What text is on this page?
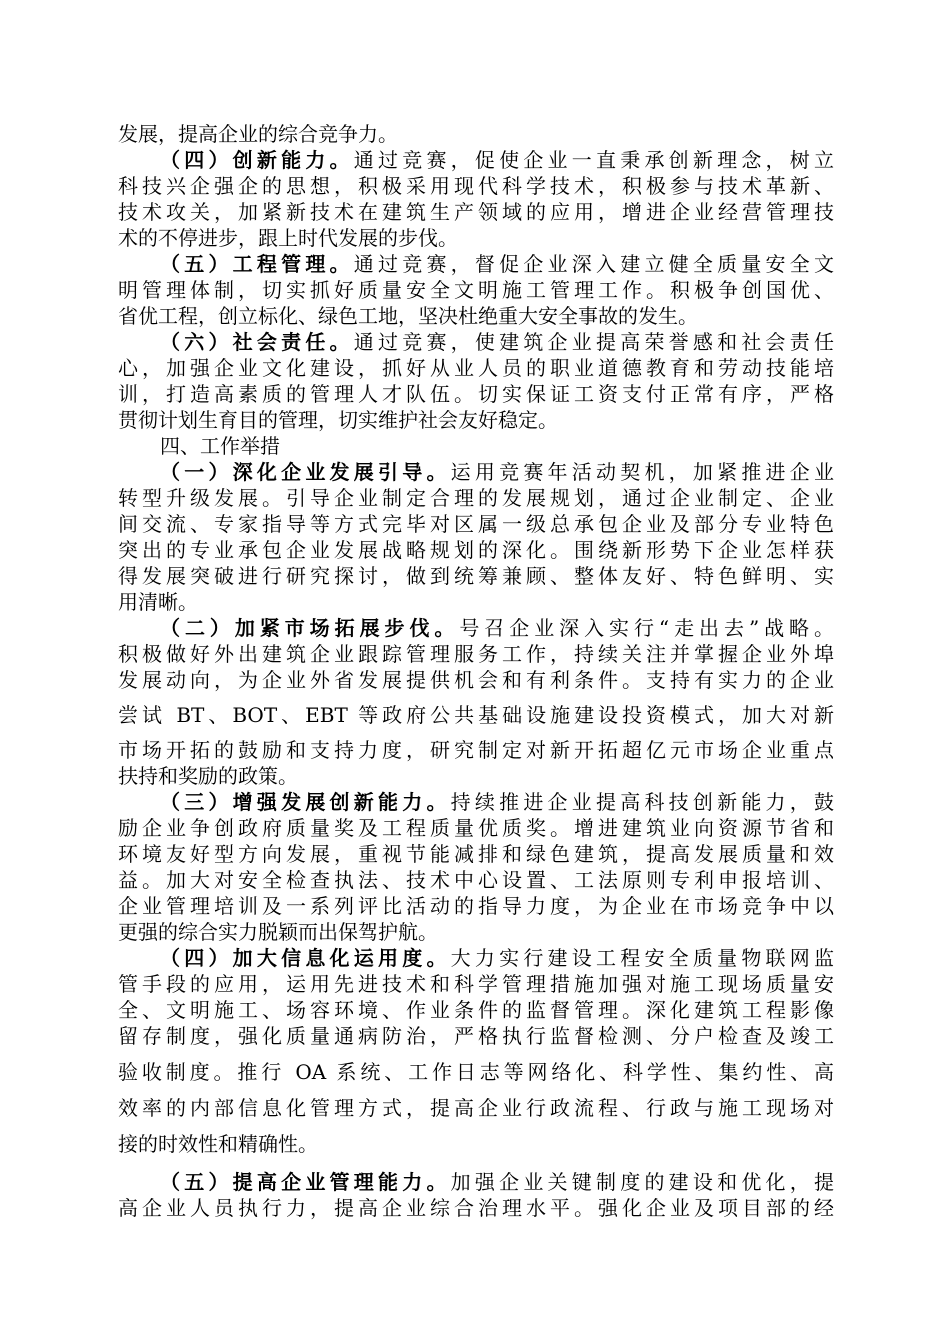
发展，提高企业的综合竞争力。
（四）创新能力。通过竞赛，促使企业一直秉承创新理念，树立
科技兴企强企的思想，积极采用现代科学技术，积极参与技术革新、
技术攻关，加紧新技术在建筑生产领域的应用，增进企业经营管理技
术的不停进步，跟上时代发展的步伐。
（五）工程管理。通过竞赛，督促企业深入建立健全质量安全文
明管理体制，切实抓好质量安全文明施工管理工作。积极争创国优、
省优工程，创立标化、绿色工地，坚决杜绝重大安全事故的发生。
（六）社会责任。通过竞赛，使建筑企业提高荣誉感和社会责任
心，加强企业文化建设，抓好从业人员的职业道德教育和劳动技能培
训，打造高素质的管理人才队伍。切实保证工资支付正常有序，严格
贯彻计划生育目的管理，切实维护社会友好稳定。
四、工作举措
（一）深化企业发展引导。运用竞赛年活动契机，加紧推进企业
转型升级发展。引导企业制定合理的发展规划，通过企业制定、企业
间交流、专家指导等方式完毕对区属一级总承包企业及部分专业特色
突出的专业承包企业发展战略规划的深化。围绕新形势下企业怎样获
得发展突破进行研究探讨，做到统筹兼顾、整体友好、特色鲜明、实
用清晰。
（二）加紧市场拓展步伐。号召企业深入实行“走出去”战略。
积极做好外出建筑企业跟踪管理服务工作，持续关注并掌握企业外埠
发展动向，为企业外省发展提供机会和有利条件。支持有实力的企业
尝试 BT、BOT、EBT 等政府公共基础设施建设投资模式，加大对新
市场开拓的鼓励和支持力度，研究制定对新开拓超亿元市场企业重点
扶持和奖励的政策。
（三）增强发展创新能力。持续推进企业提高科技创新能力，鼓
励企业争创政府质量奖及工程质量优质奖。增进建筑业向资源节省和
环境友好型方向发展，重视节能减排和绿色建筑，提高发展质量和效
益。加大对安全检查执法、技术中心设置、工法原则专利申报培训、
企业管理培训及一系列评比活动的指导力度，为企业在市场竞争中以
更强的综合实力脱颖而出保驾护航。
（四）加大信息化运用度。大力实行建设工程安全质量物联网监
管手段的应用，运用先进技术和科学管理措施加强对施工现场质量安
全、文明施工、场容环境、作业条件的监督管理。深化建筑工程影像
留存制度，强化质量通病防治，严格执行监督检测、分户检查及竣工
验收制度。推行 OA 系统、工作日志等网络化、科学性、集约性、高
效率的内部信息化管理方式，提高企业行政流程、行政与施工现场对
接的时效性和精确性。
（五）提高企业管理能力。加强企业关键制度的建设和优化，提
高企业人员执行力，提高企业综合治理水平。强化企业及项目部的经
